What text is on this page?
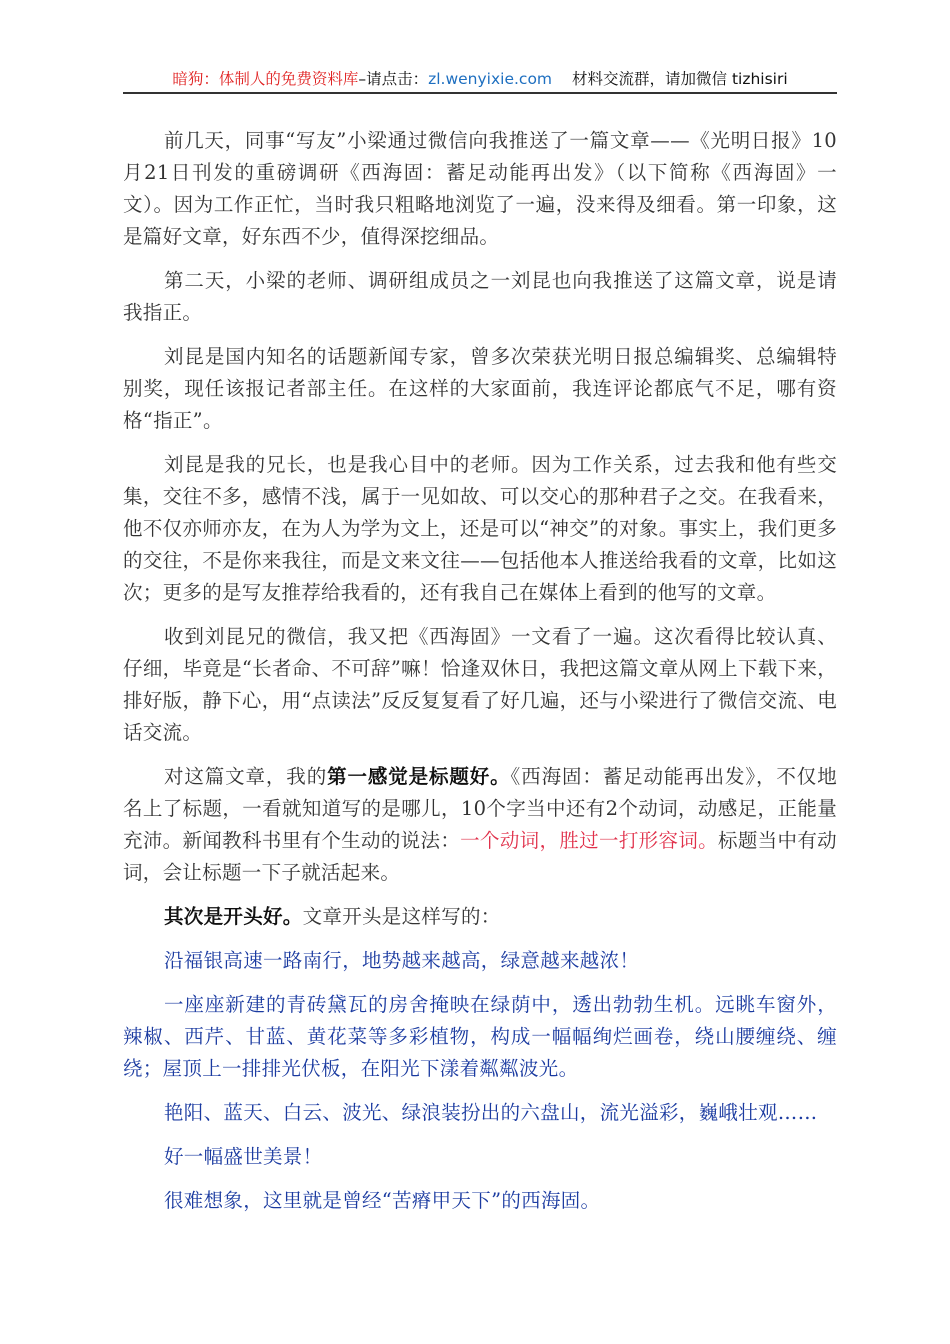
暗狗：体制人的免费资料库–请点击：zl.wenyixie.com 材料交流群，请加微信 tizhisiri

前几天，同事“写友”小梁通过微信向我推送了一篇文章——《光明日报》10月21日刊发的重磅调研《西海固：蓄足动能再出发》（以下简称《西海固》一文）。因为工作正忙，当时我只粗略地浏览了一遍，没来得及细看。第一印象，这是篇好文章，好东西不少，值得深挖细品。

第二天，小梁的老师、调研组成员之一刘昆也向我推送了这篇文章，说是请我指正。

刘昆是国内知名的话题新闻专家，曾多次荣获光明日报总编辑奖、总编辑特别奖，现任该报记者部主任。在这样的大家面前，我连评论都底气不足，哪有资格“指正”。

刘昆是我的兄长，也是我心目中的老师。因为工作关系，过去我和他有些交集，交往不多，感情不浅，属于一见如故、可以交心的那种君子之交。在我看来，他不仅亦师亦友，在为人为学为文上，还是可以“神交”的对象。事实上，我们更多的交往，不是你来我往，而是文来文往——包括他本人推送给我看的文章，比如这次；更多的是写友推荐给我看的，还有我自己在媒体上看到的他写的文章。

收到刘昆兄的微信，我又把《西海固》一文看了一遍。这次看得比较认真、仔细，毕竟是“长者命、不可辞”嘛！恰逢双休日，我把这篇文章从网上下载下来，排好版，静下心，用“点读法”反反复复看了好几遍，还与小梁进行了微信交流、电话交流。

对这篇文章，我的第一感觉是标题好。《西海固：蓄足动能再出发》，不仅地名上了标题，一看就知道写的是哪儿，10个字当中还有2个动词，动感足，正能量充沛。新闻教科书里有个生动的说法：一个动词，胜过一打形容词。标题当中有动词，会让标题一下子就活起来。

其次是开头好。文章开头是这样写的：

沿福银高速一路南行，地势越来越高，绿意越来越浓！

一座座新建的青砖黛瓦的房舍掩映在绿荫中，透出勃勃生机。远眺车窗外，辣椒、西芹、甘蓝、黄花菜等多彩植物，构成一幅幅绚烂画卷，绕山腰缠绕、缠绕；屋顶上一排排光伏板，在阳光下漾着粼粼波光。

艳阳、蓝天、白云、波光、绿浪装扮出的六盘山，流光溢彩，巍峨壮观……

好一幅盛世美景！

很难想象，这里就是曾经“苦瘠甲天下”的西海固。
